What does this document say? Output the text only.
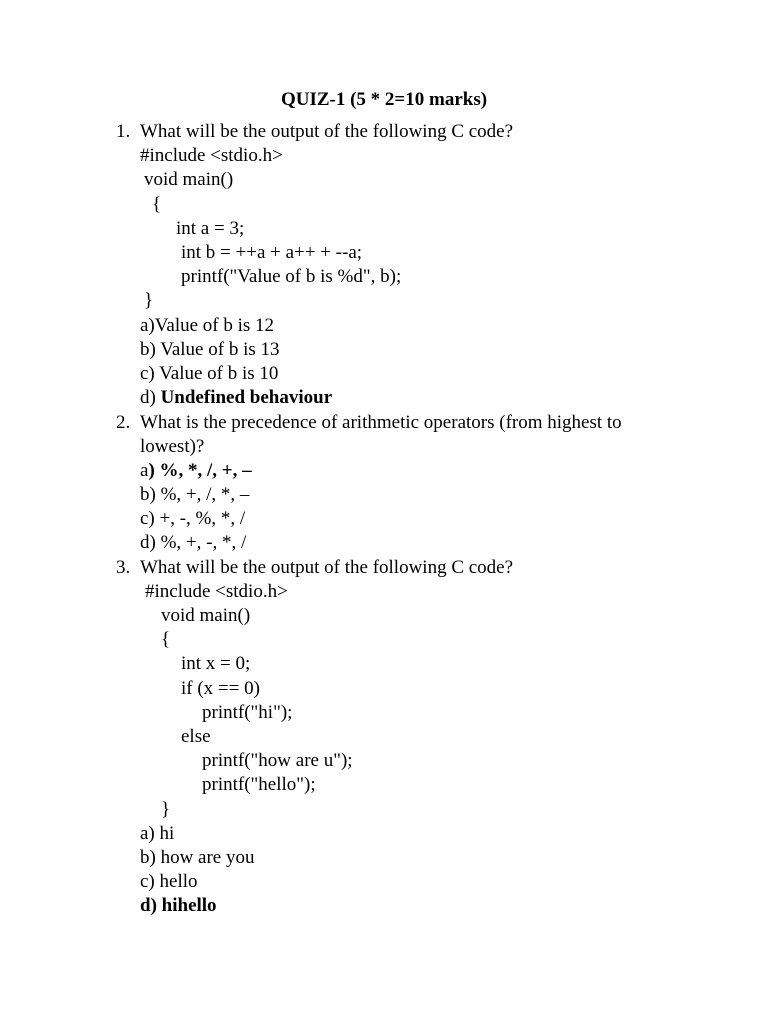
QUIZ-1 (5 * 2=10 marks)
1. What will be the output of the following C code?
#include <stdio.h>
void main()
{
int a = 3;
int b = ++a + a++ + --a;
printf("Value of b is %d", b);
}
a)Value of b is 12
b) Value of b is 13
c) Value of b is 10
d) Undefined behaviour
2. What is the precedence of arithmetic operators (from highest to lowest)?
a) %, *, /, +, –
b) %, +, /, *, –
c) +, -, %, *, /
d) %, +, -, *, /
3. What will be the output of the following C code?
#include <stdio.h>
void main()
{
int x = 0;
if (x == 0)
printf("hi");
else
printf("how are u");
printf("hello");
}
a) hi
b) how are you
c) hello
d) hihello
